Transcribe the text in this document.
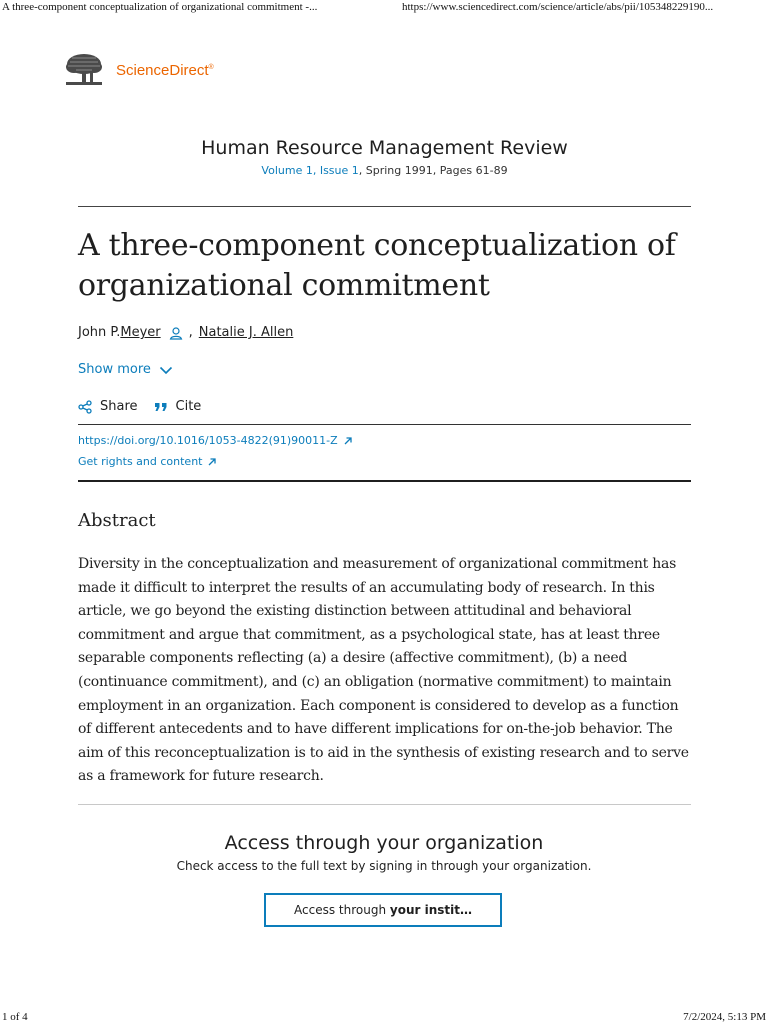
A three-component conceptualization of organizational commitment -...	https://www.sciencedirect.com/science/article/abs/pii/105348229190...
ScienceDirect®
Human Resource Management Review
Volume 1, Issue 1, Spring 1991, Pages 61-89
A three-component conceptualization of organizational commitment
John P. Meyer , Natalie J. Allen
Show more
Share	Cite
https://doi.org/10.1016/1053-4822(91)90011-Z
Get rights and content
Abstract

Diversity in the conceptualization and measurement of organizational commitment has made it difficult to interpret the results of an accumulating body of research. In this article, we go beyond the existing distinction between attitudinal and behavioral commitment and argue that commitment, as a psychological state, has at least three separable components reflecting (a) a desire (affective commitment), (b) a need (continuance commitment), and (c) an obligation (normative commitment) to maintain employment in an organization. Each component is considered to develop as a function of different antecedents and to have different implications for on-the-job behavior. The aim of this reconceptualization is to aid in the synthesis of existing research and to serve as a framework for future research.

Access through your organization
Check access to the full text by signing in through your organization.
Access through your instit…
1 of 4	7/2/2024, 5:13 PM
